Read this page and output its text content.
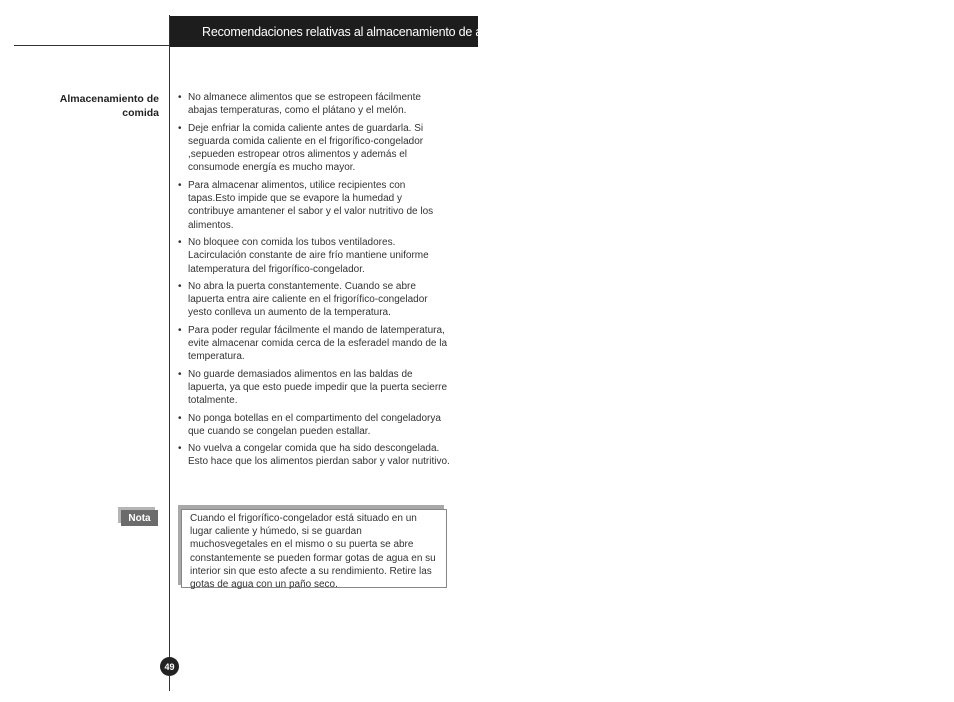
Recomendaciones relativas al almacenamiento de alimentos
Almacenamiento de
comida
• No almanece alimentos que se estropeen fácilmente abajas temperaturas, como el plátano y el melón.
• Deje enfriar la comida caliente antes de guardarla. Si seguarda comida caliente en el frigorífico-congelador ,sepueden estropear otros alimentos y además el consumode energía es mucho mayor.
• Para almacenar alimentos, utilice recipientes con tapas.Esto impide que se evapore la humedad y contribuye amantener el sabor y el valor nutritivo de los alimentos.
• No bloquee con comida los tubos ventiladores. Lacirculación constante de aire frío mantiene uniforme latemperatura del frigorífico-congelador.
• No abra la puerta constantemente. Cuando se abre lapuerta entra aire caliente en el frigorífico-congelador yesto conlleva un aumento de la temperatura.
• Para poder regular fácilmente el mando de latemperatura, evite almacenar comida cerca de la esferadel mando de la temperatura.
• No guarde demasiados alimentos en las baldas de lapuerta, ya que esto puede impedir que la puerta secierre totalmente.
• No ponga botellas en el compartimento del congeladorya que cuando se congelan pueden estallar.
• No vuelva a congelar comida que ha sido descongelada. Esto hace que los alimentos pierdan sabor y valor nutritivo.
Nota	Cuando el frigorífico-congelador está situado en un lugar caliente y húmedo, si se guardan muchosvegetales en el mismo o su puerta se abre constantemente se pueden formar gotas de agua en su interior sin que esto afecte a su rendimiento. Retire las gotas de agua con un paño seco.
49
